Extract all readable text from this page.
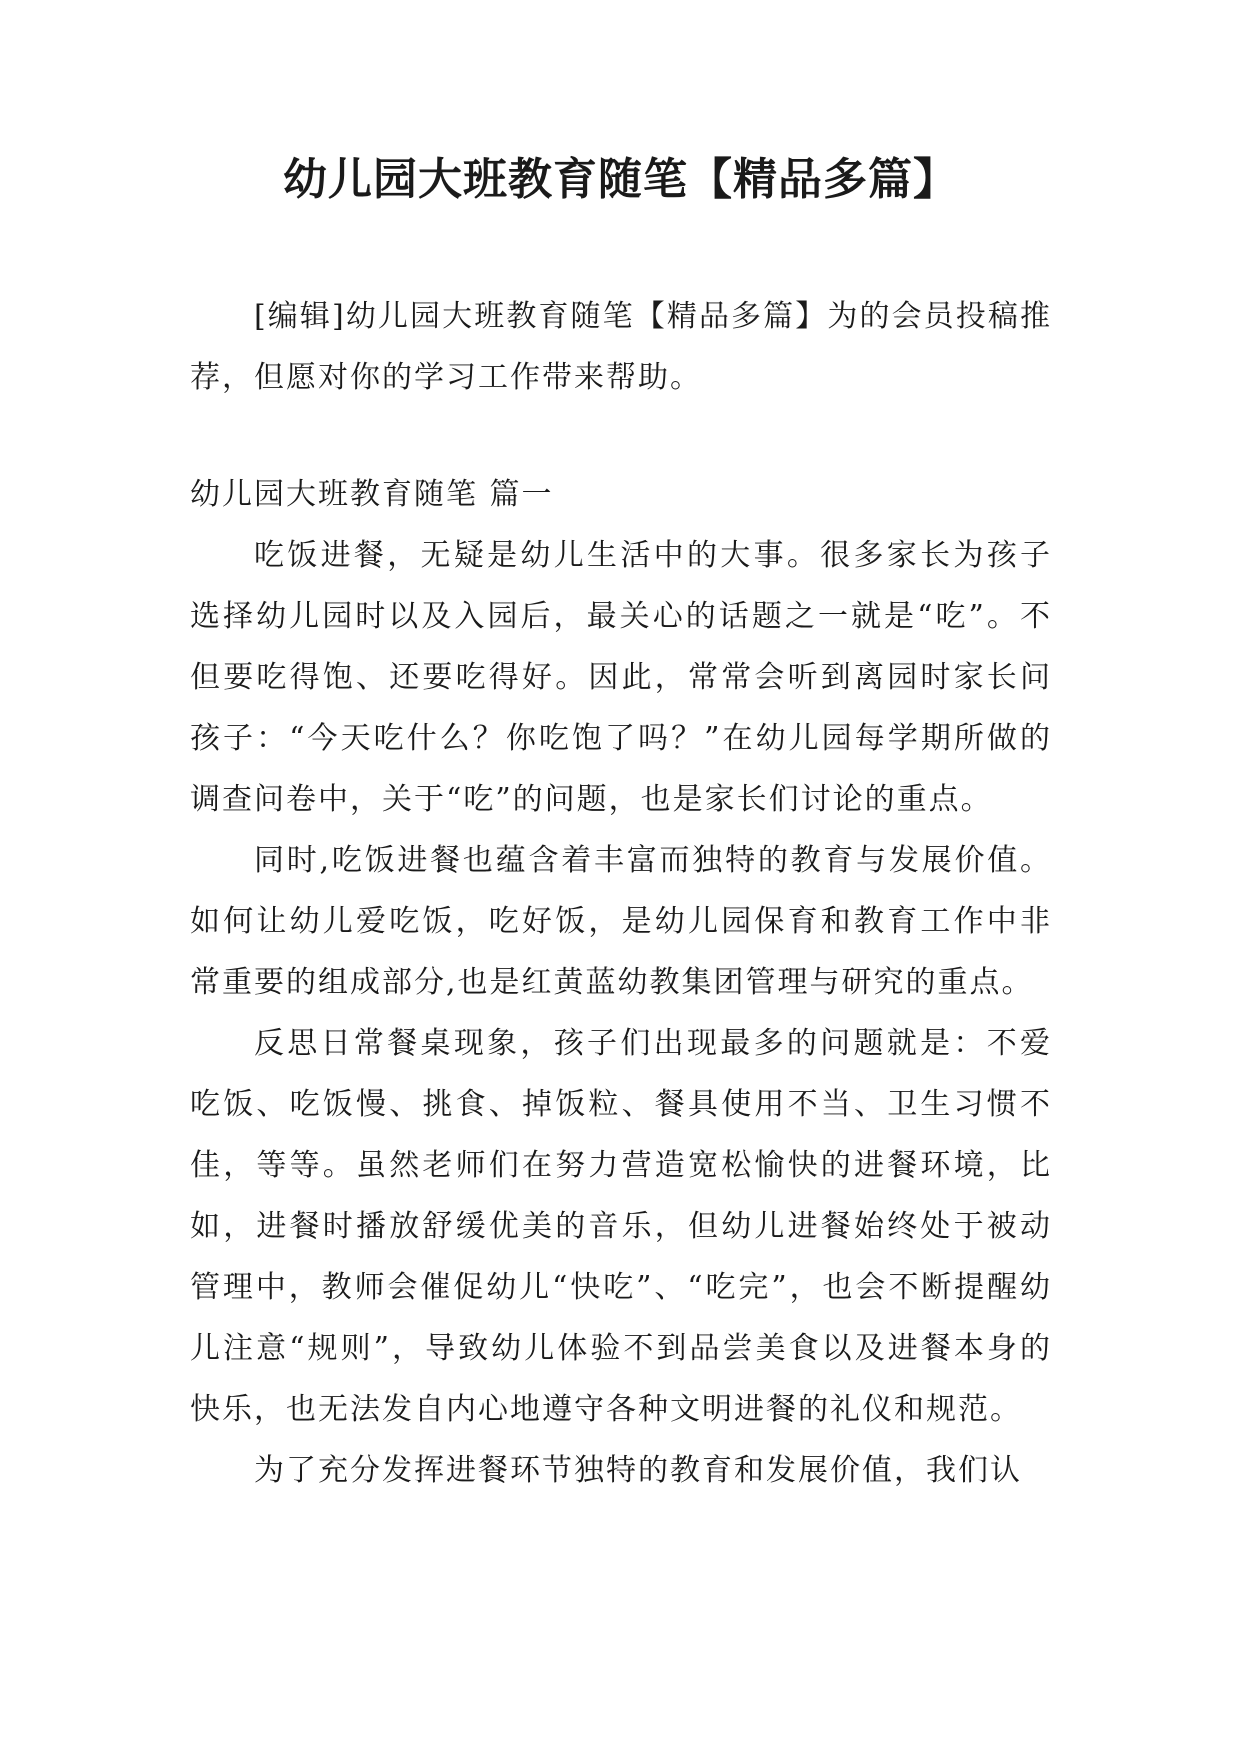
幼儿园大班教育随笔【精品多篇】

[编辑]幼儿园大班教育随笔【精品多篇】为的会员投稿推荐，但愿对你的学习工作带来帮助。

幼儿园大班教育随笔 篇一

吃饭进餐，无疑是幼儿生活中的大事。很多家长为孩子选择幼儿园时以及入园后，最关心的话题之一就是“吃”。不但要吃得饱、还要吃得好。因此，常常会听到离园时家长问孩子：“今天吃什么？你吃饱了吗？”在幼儿园每学期所做的调查问卷中，关于“吃”的问题，也是家长们讨论的重点。

同时,吃饭进餐也蕴含着丰富而独特的教育与发展价值。如何让幼儿爱吃饭，吃好饭，是幼儿园保育和教育工作中非常重要的组成部分,也是红黄蓝幼教集团管理与研究的重点。

反思日常餐桌现象，孩子们出现最多的问题就是：不爱吃饭、吃饭慢、挑食、掉饭粒、餐具使用不当、卫生习惯不佳，等等。虽然老师们在努力营造宽松愉快的进餐环境，比如，进餐时播放舒缓优美的音乐，但幼儿进餐始终处于被动管理中，教师会催促幼儿“快吃”、“吃完”，也会不断提醒幼儿注意“规则”，导致幼儿体验不到品尝美食以及进餐本身的快乐，也无法发自内心地遵守各种文明进餐的礼仪和规范。

为了充分发挥进餐环节独特的教育和发展价值，我们认
